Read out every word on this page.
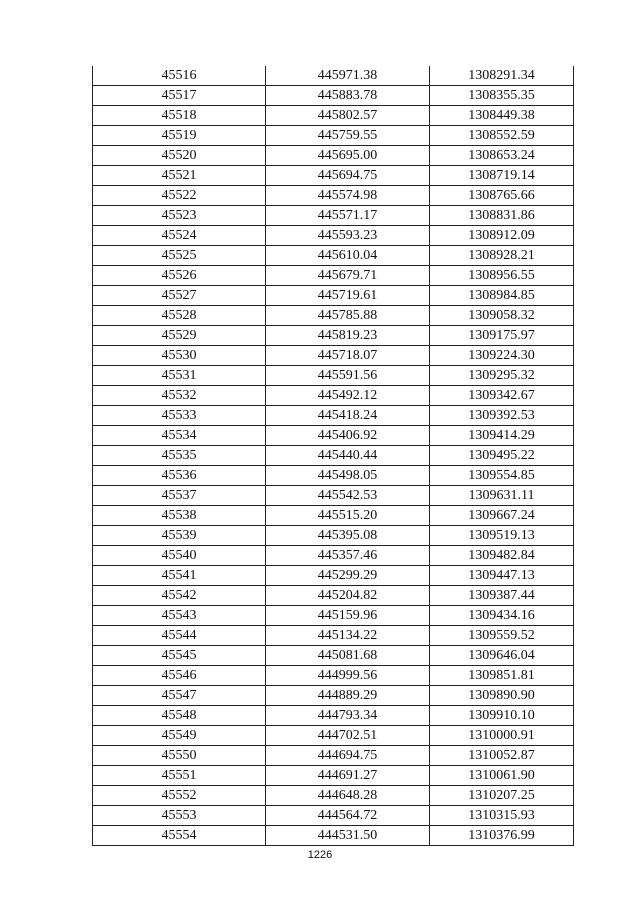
45516	445971.38	1308291.34
45517	445883.78	1308355.35
45518	445802.57	1308449.38
45519	445759.55	1308552.59
45520	445695.00	1308653.24
45521	445694.75	1308719.14
45522	445574.98	1308765.66
45523	445571.17	1308831.86
45524	445593.23	1308912.09
45525	445610.04	1308928.21
45526	445679.71	1308956.55
45527	445719.61	1308984.85
45528	445785.88	1309058.32
45529	445819.23	1309175.97
45530	445718.07	1309224.30
45531	445591.56	1309295.32
45532	445492.12	1309342.67
45533	445418.24	1309392.53
45534	445406.92	1309414.29
45535	445440.44	1309495.22
45536	445498.05	1309554.85
45537	445542.53	1309631.11
45538	445515.20	1309667.24
45539	445395.08	1309519.13
45540	445357.46	1309482.84
45541	445299.29	1309447.13
45542	445204.82	1309387.44
45543	445159.96	1309434.16
45544	445134.22	1309559.52
45545	445081.68	1309646.04
45546	444999.56	1309851.81
45547	444889.29	1309890.90
45548	444793.34	1309910.10
45549	444702.51	1310000.91
45550	444694.75	1310052.87
45551	444691.27	1310061.90
45552	444648.28	1310207.25
45553	444564.72	1310315.93
45554	444531.50	1310376.99
1226
